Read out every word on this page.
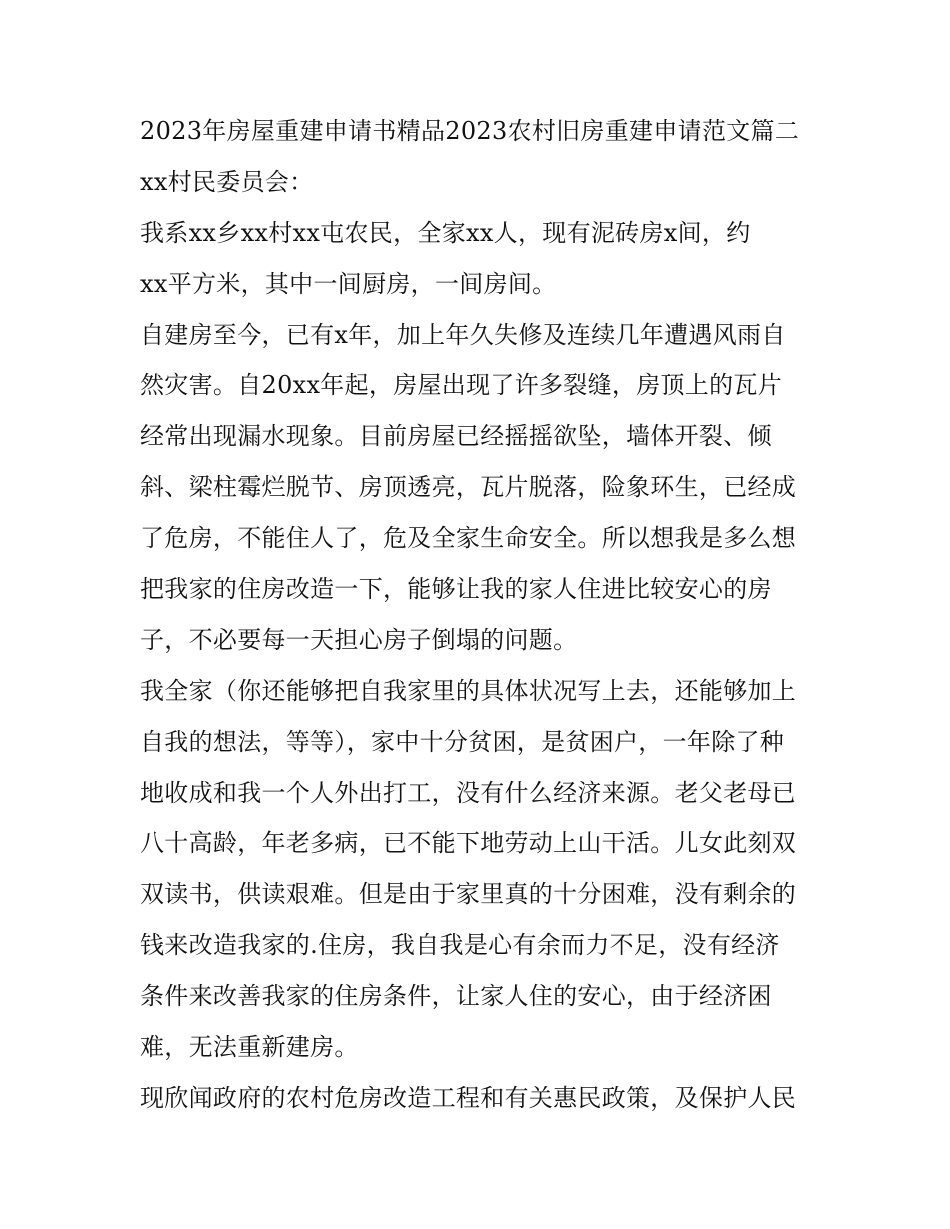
2023年房屋重建申请书精品2023农村旧房重建申请范文篇二
xx村民委员会：
我系xx乡xx村xx屯农民，全家xx人，现有泥砖房x间，约
xx平方米，其中一间厨房，一间房间。
自建房至今，已有x年，加上年久失修及连续几年遭遇风雨自
然灾害。自20xx年起，房屋出现了许多裂缝，房顶上的瓦片
经常出现漏水现象。目前房屋已经摇摇欲坠，墙体开裂、倾
斜、梁柱霉烂脱节、房顶透亮，瓦片脱落，险象环生，已经成
了危房，不能住人了，危及全家生命安全。所以想我是多么想
把我家的住房改造一下，能够让我的家人住进比较安心的房
子，不必要每一天担心房子倒塌的问题。
我全家（你还能够把自我家里的具体状况写上去，还能够加上
自我的想法，等等），家中十分贫困，是贫困户，一年除了种
地收成和我一个人外出打工，没有什么经济来源。老父老母已
八十高龄，年老多病，已不能下地劳动上山干活。儿女此刻双
双读书，供读艰难。但是由于家里真的十分困难，没有剩余的
钱来改造我家的.住房，我自我是心有余而力不足，没有经济
条件来改善我家的住房条件，让家人住的安心，由于经济困
难，无法重新建房。
现欣闻政府的农村危房改造工程和有关惠民政策，及保护人民
